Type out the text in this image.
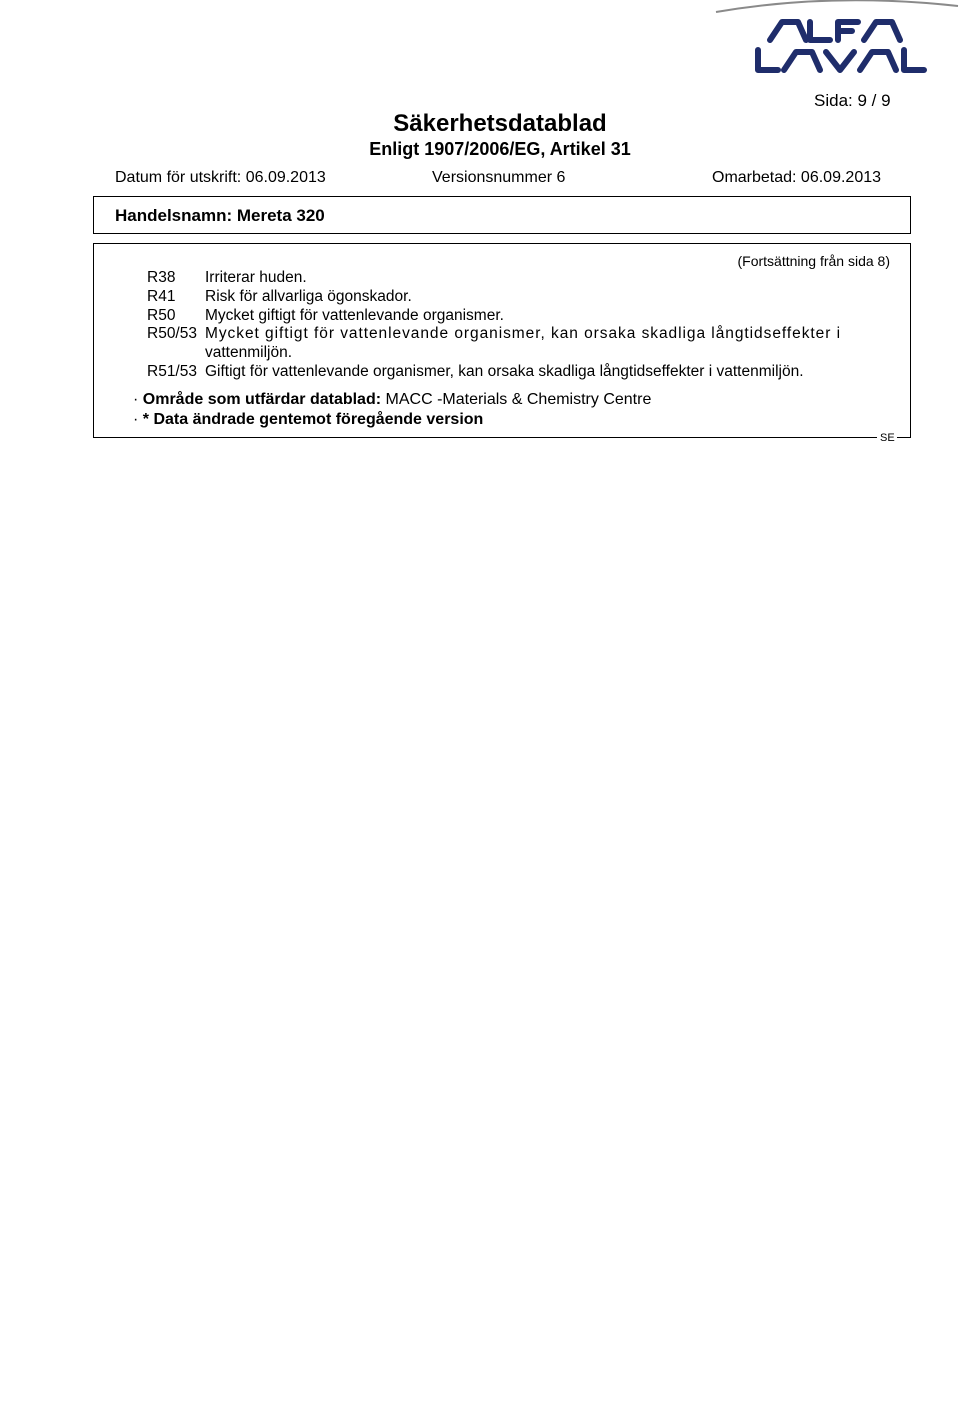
Sida: 9 / 9
Säkerhetsdatablad
Enligt 1907/2006/EG, Artikel 31
Datum för utskrift: 06.09.2013	Versionsnummer 6	Omarbetad: 06.09.2013
Handelsnamn: Mereta 320
(Fortsättning från sida 8)
R38 Irriterar huden.
R41 Risk för allvarliga ögonskador.
R50 Mycket giftigt för vattenlevande organismer.
R50/53 Mycket giftigt för vattenlevande organismer, kan orsaka skadliga långtidseffekter i
vattenmiljön.
R51/53 Giftigt för vattenlevande organismer, kan orsaka skadliga långtidseffekter i vattenmiljön.
· Område som utfärdar datablad: MACC -Materials & Chemistry Centre
· * Data ändrade gentemot föregående version
SE
